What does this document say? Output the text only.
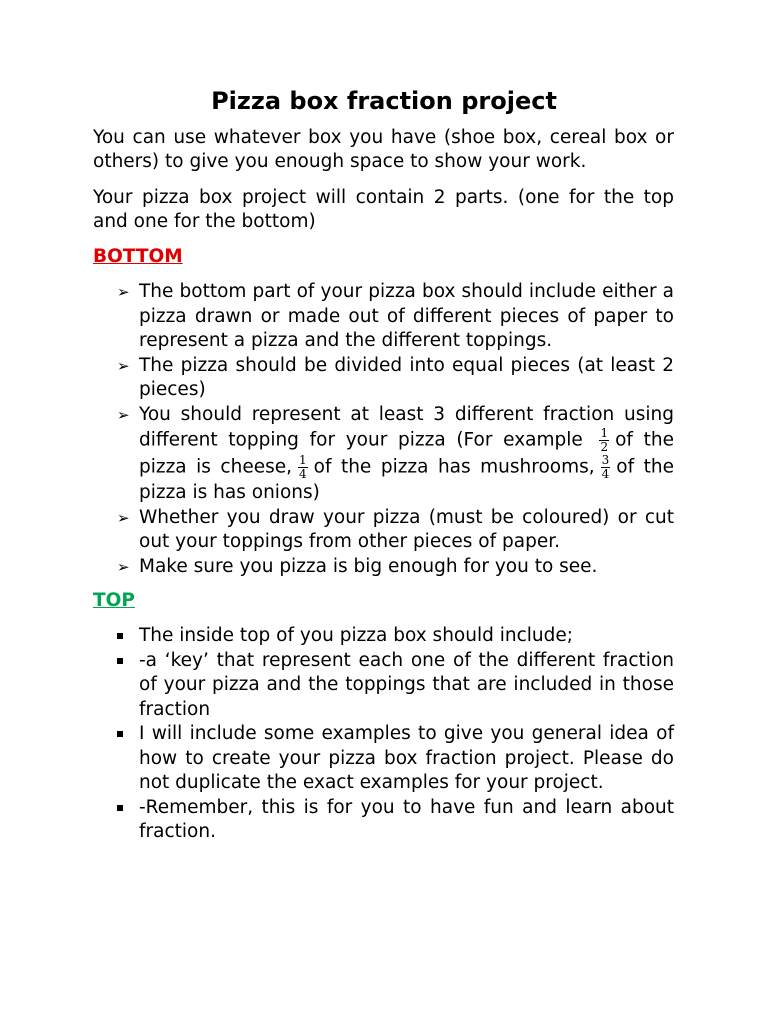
Pizza box fraction project

You can use whatever box you have (shoe box, cereal box or others) to give you enough space to show your work.

Your pizza box project will contain 2 parts. (one for the top and one for the bottom)

BOTTOM
➢ The bottom part of your pizza box should include either a pizza drawn or made out of different pieces of paper to represent a pizza and the different toppings.
➢ The pizza should be divided into equal pieces (at least 2 pieces)
➢ You should represent at least 3 different fraction using different topping for your pizza (For example $\frac{1}{2}$ of the pizza is cheese, $\frac{1}{4}$ of the pizza has mushrooms, $\frac{3}{4}$ of the pizza is has onions)
➢ Whether you draw your pizza (must be coloured) or cut out your toppings from other pieces of paper.
➢ Make sure you pizza is big enough for you to see.
TOP
The inside top of you pizza box should include;
-a ‘key’ that represent each one of the different fraction of your pizza and the toppings that are included in those fraction
I will include some examples to give you general idea of how to create your pizza box fraction project. Please do not duplicate the exact examples for your project.
-Remember, this is for you to have fun and learn about fraction.
